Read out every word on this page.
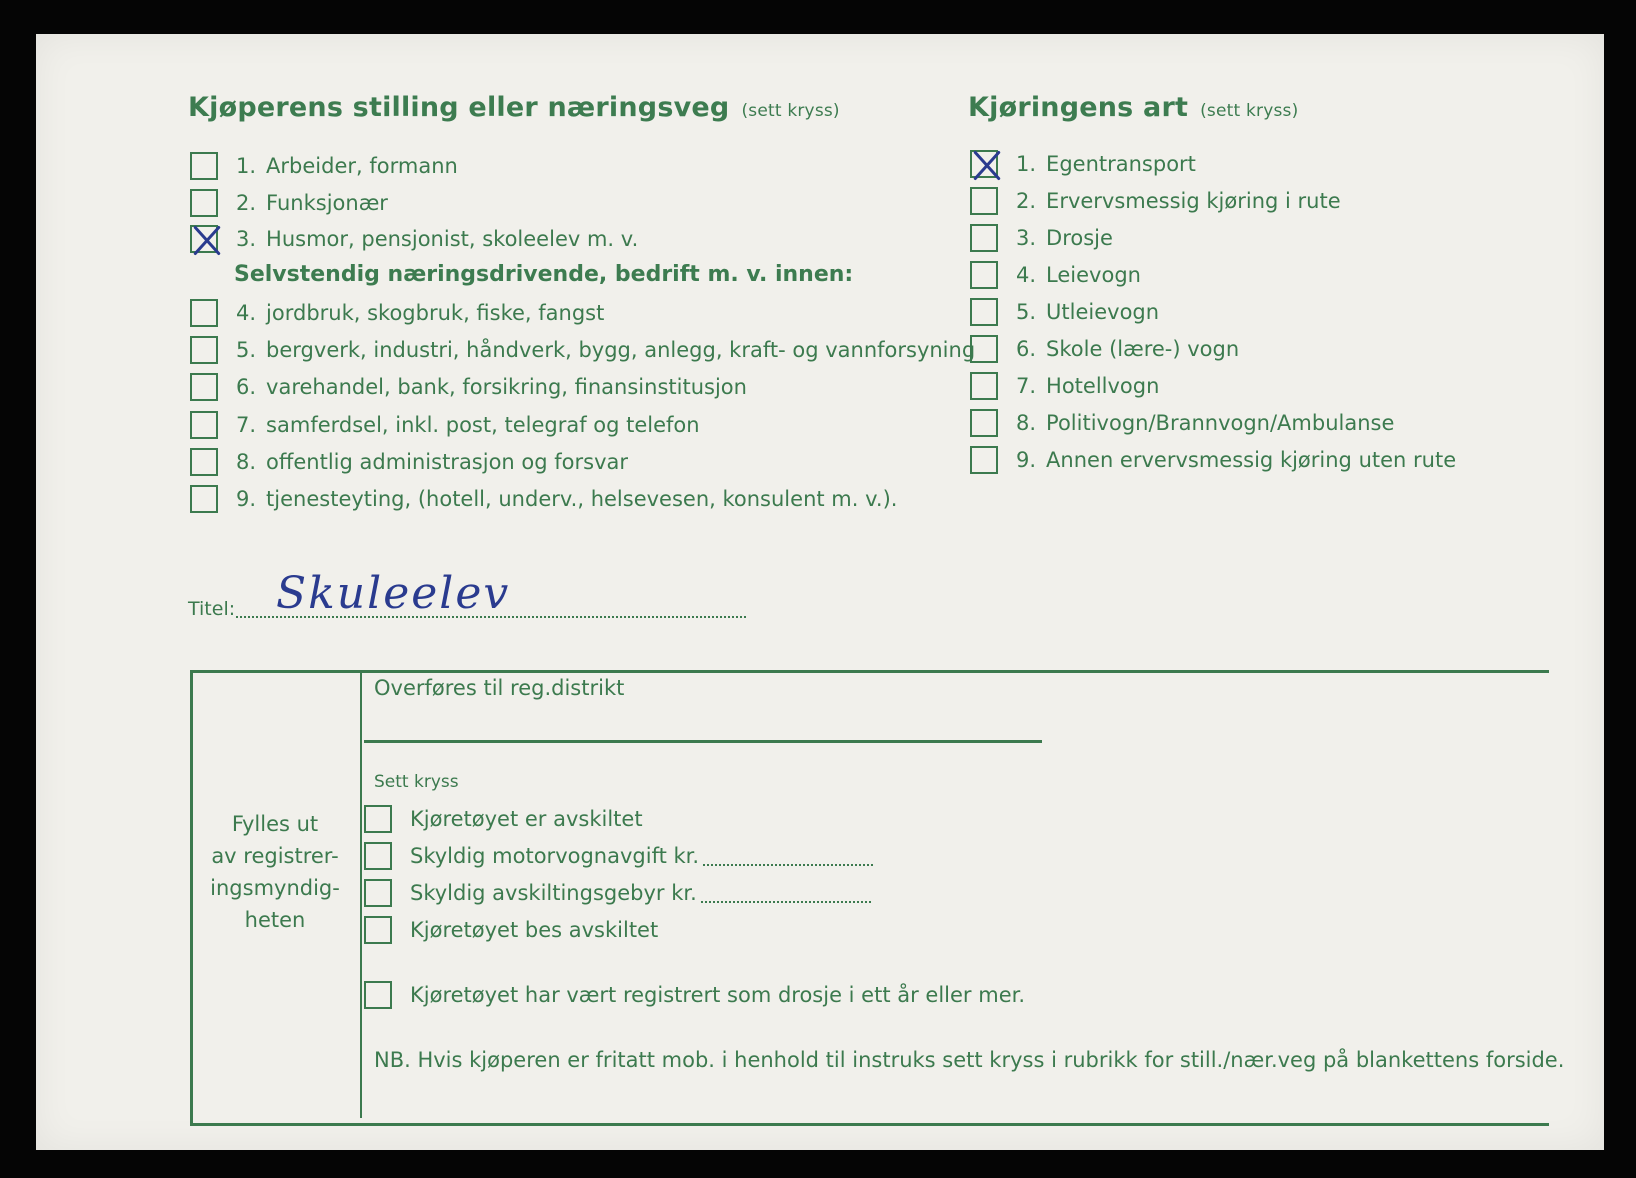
Kjøperens stilling eller næringsveg (sett kryss)
1. Arbeider, formann
2. Funksjonær
3. Husmor, pensjonist, skoleelev m. v.
Selvstendig næringsdrivende, bedrift m. v. innen:
4. jordbruk, skogbruk, fiske, fangst
5. bergverk, industri, håndverk, bygg, anlegg, kraft- og vannforsyning
6. varehandel, bank, forsikring, finansinstitusjon
7. samferdsel, inkl. post, telegraf og telefon
8. offentlig administrasjon og forsvar
9. tjenesteyting, (hotell, underv., helsevesen, konsulent m. v.).
Kjøringens art (sett kryss)
1. Egentransport
2. Ervervsmessig kjøring i rute
3. Drosje
4. Leievogn
5. Utleievogn
6. Skole (lære-) vogn
7. Hotellvogn
8. Politivogn/Brannvogn/Ambulanse
9. Annen ervervsmessig kjøring uten rute
Titel: Skuleelev
Fylles ut
av registrer-
ingsmyndig-
heten
Overføres til reg.distrikt
Sett kryss
Kjøretøyet er avskiltet
Skyldig motorvognavgift kr.
Skyldig avskiltingsgebyr kr.
Kjøretøyet bes avskiltet
Kjøretøyet har vært registrert som drosje i ett år eller mer.
NB. Hvis kjøperen er fritatt mob. i henhold til instruks sett kryss i rubrikk for still./nær.veg på blankettens forside.
